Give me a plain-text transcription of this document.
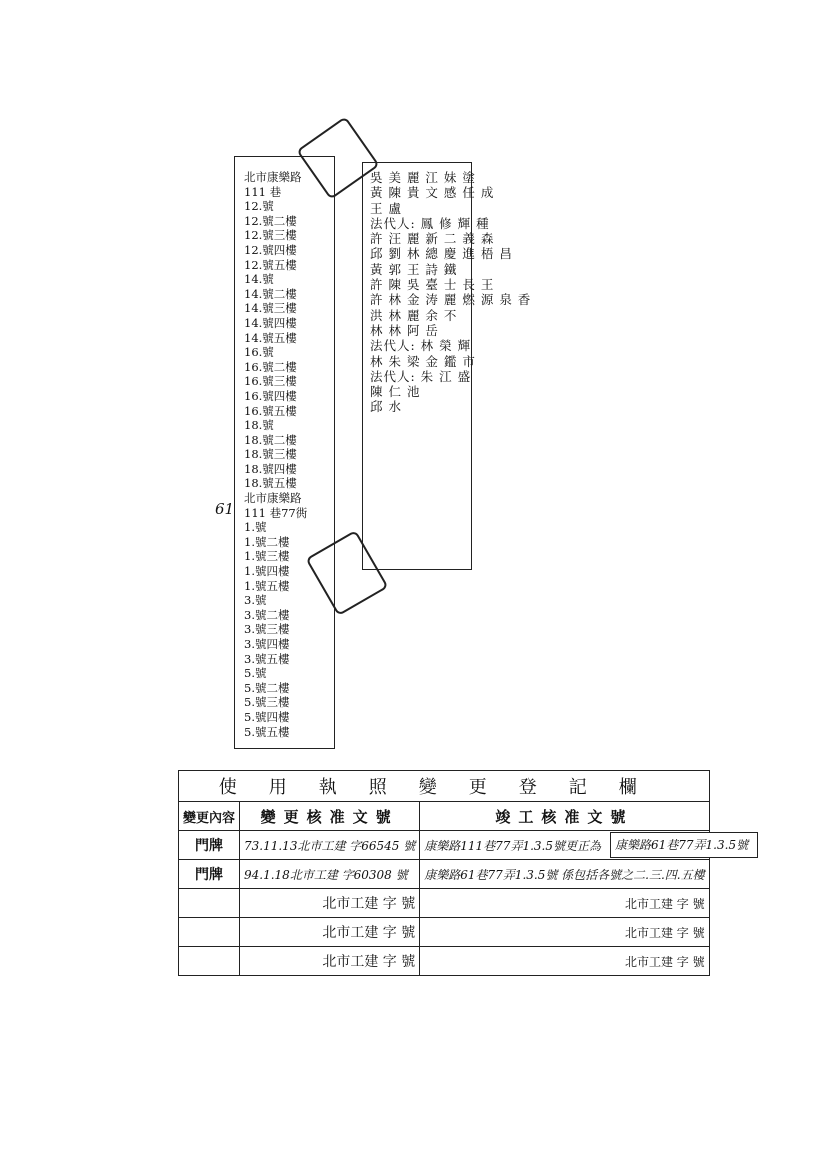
北市康樂路
111 巷
12.號
12.號二樓
12.號三樓
12.號四樓
12.號五樓
14.號
14.號二樓
14.號三樓
14.號四樓
14.號五樓
16.號
16.號二樓
16.號三樓
16.號四樓
16.號五樓
18.號
18.號二樓
18.號三樓
18.號四樓
18.號五樓
北市康樂路
111 巷77衖
1.號
1.號二樓
1.號三樓
1.號四樓
1.號五樓
3.號
3.號二樓
3.號三樓
3.號四樓
3.號五樓
5.號
5.號二樓
5.號三樓
5.號四樓
5.號五樓
61
吳 美 麗 江 妹 塗
黃 陳 貴 文 感 任 成
王 盧
法代人: 鳳 修 輝 種
許 汪 麗 新 二 義 森
邱 劉 林 總 慶 進 梧 昌
黃 郭 王 詩 鐵
許 陳 吳 臺 士 長 王
許 林 金 涛 麗 燃 源 泉 香
洪 林 麗 余 不
林 林 阿 岳
法代人: 林 榮 輝
林 朱 梁 金 鑑 市
法代人: 朱 江 盛
陳 仁 池
邱 水
使用執照變更登記欄		
變更內容	變更核准文號	竣工核准文號
門牌	73.11.13北市工建 字66545 號	康樂路111巷77弄1.3.5號更正為
門牌	94.1.18北市工建 字60308 號	康樂路61巷77弄1.3.5號 係包括各號之二.三.四.五樓
	北市工建 字 號	北市工建 字 號
	北市工建 字 號	北市工建 字 號
	北市工建 字 號	北市工建 字 號
康樂路61巷77弄1.3.5號
